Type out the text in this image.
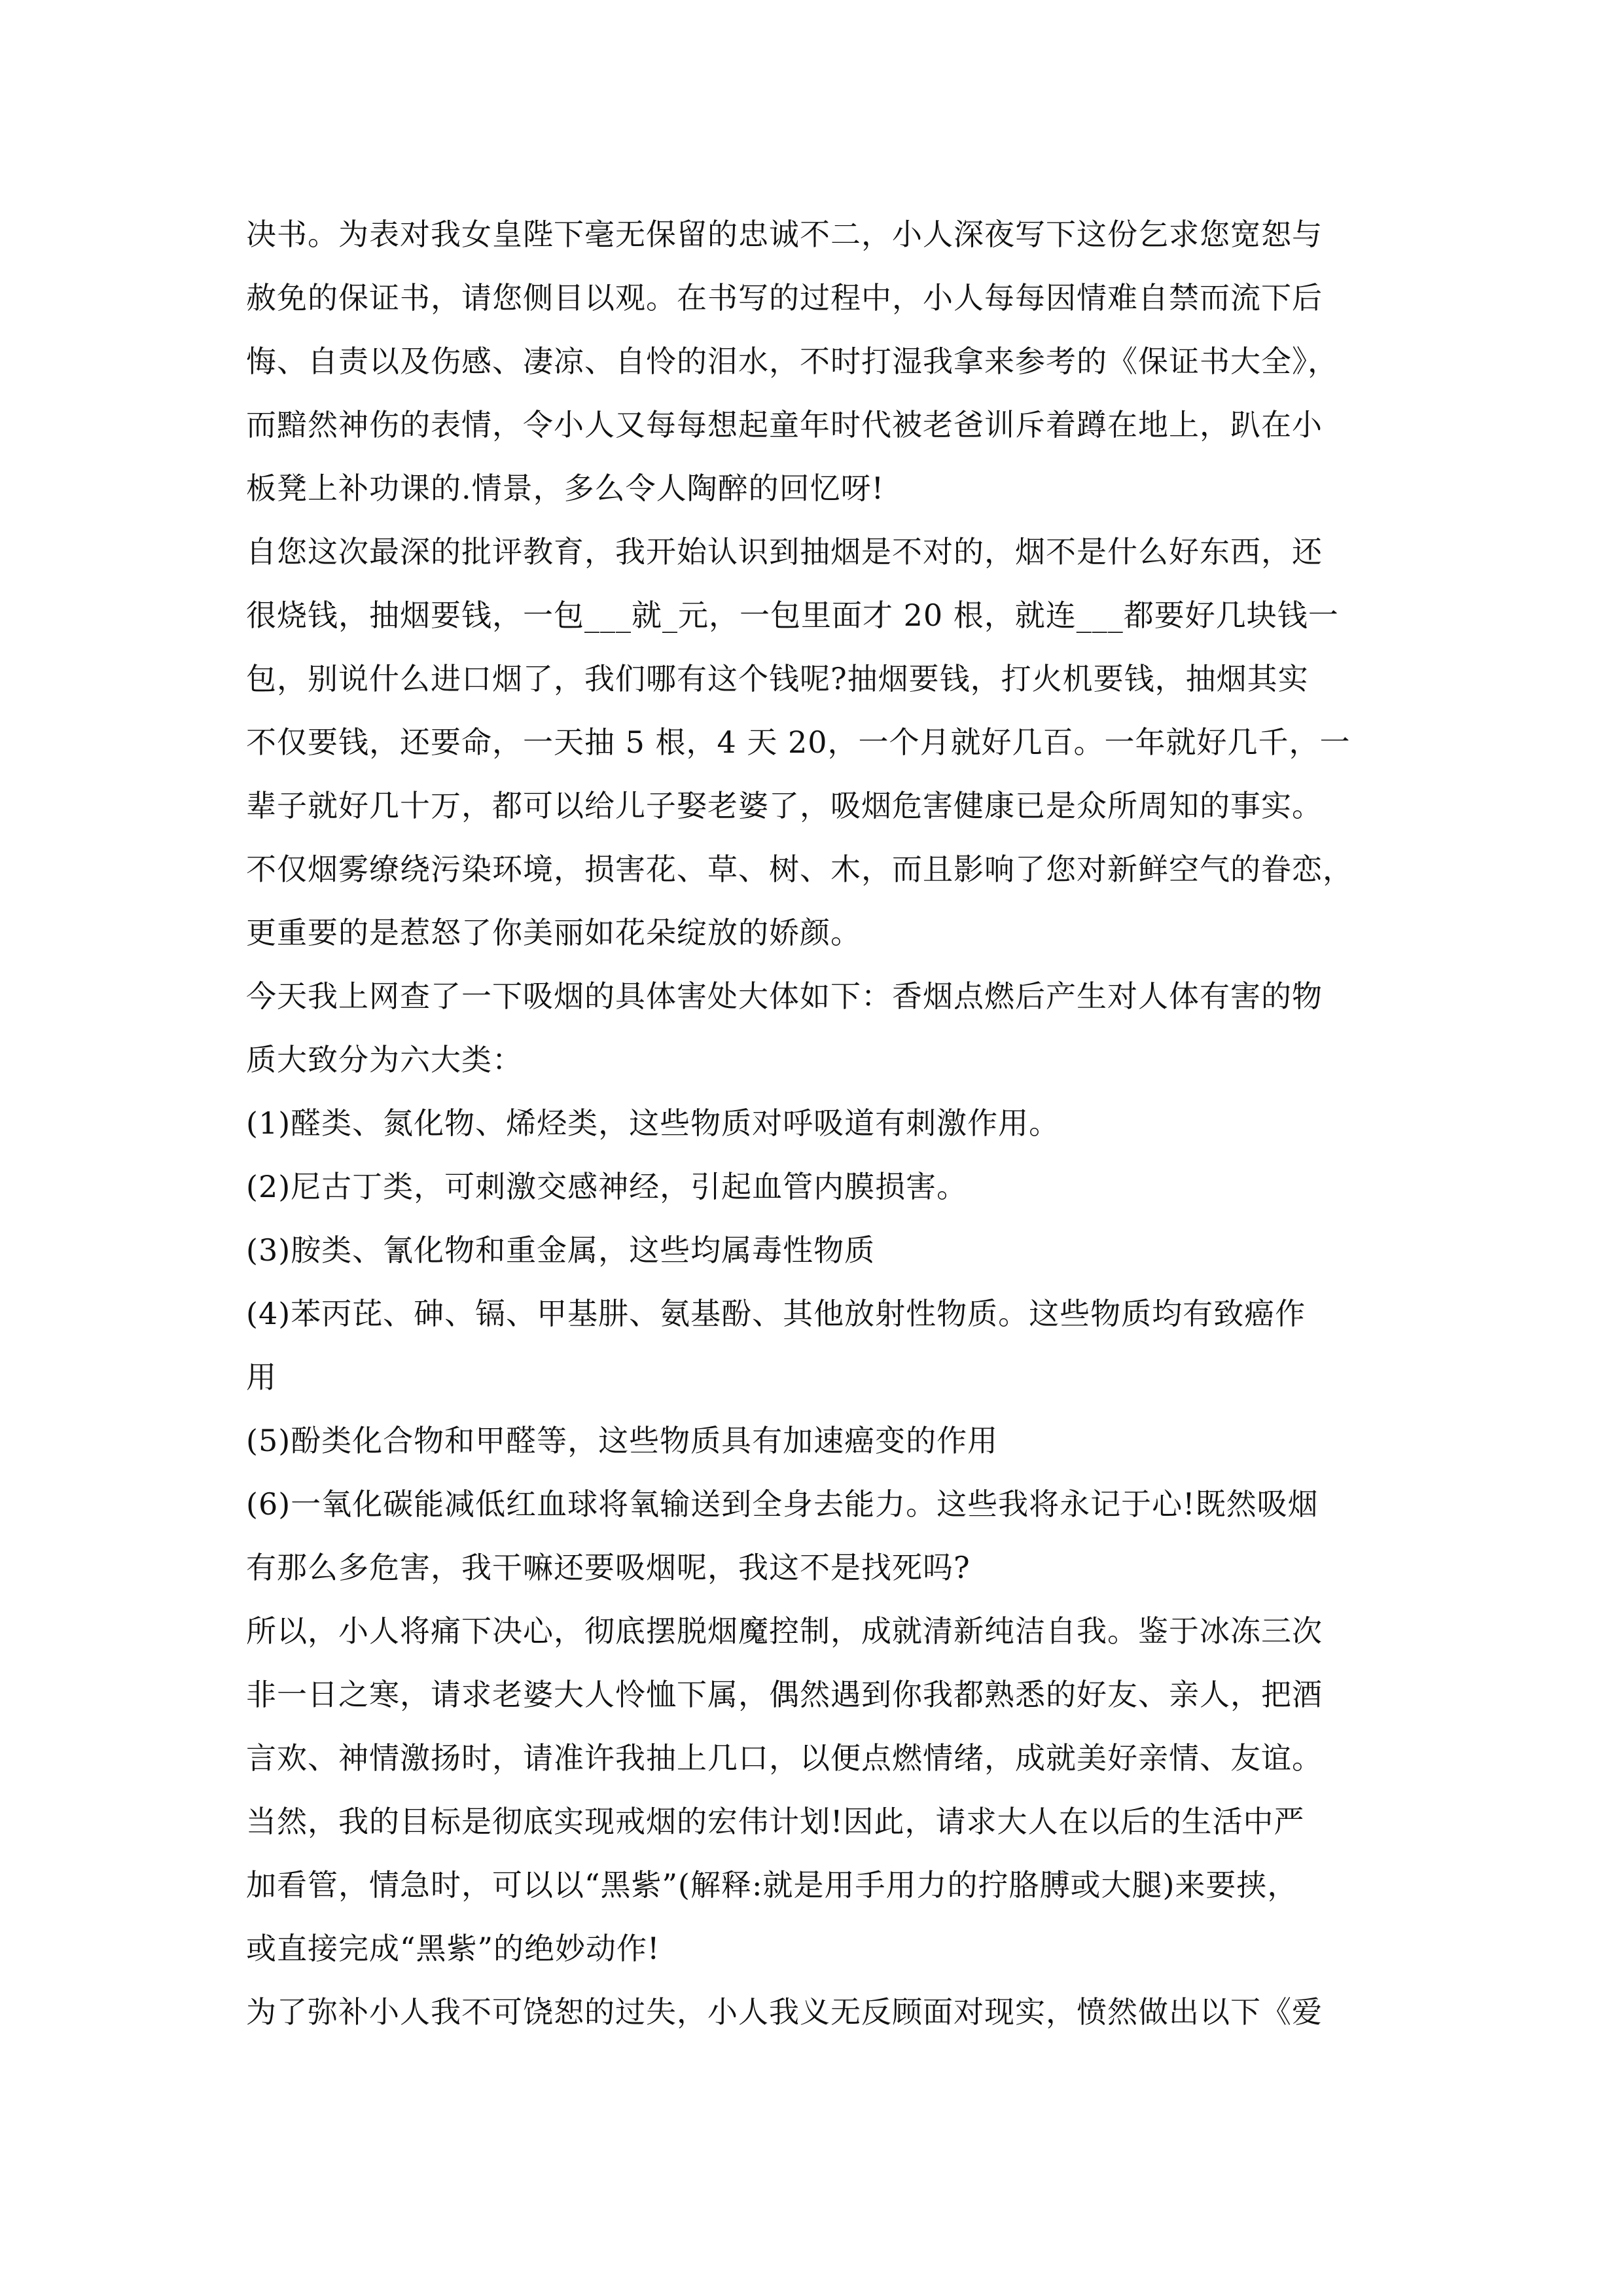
决书。为表对我女皇陛下毫无保留的忠诚不二，小人深夜写下这份乞求您宽恕与
赦免的保证书，请您侧目以观。在书写的过程中，小人每每因情难自禁而流下后
悔、自责以及伤感、凄凉、自怜的泪水，不时打湿我拿来参考的《保证书大全》，
而黯然神伤的表情，令小人又每每想起童年时代被老爸训斥着蹲在地上，趴在小
板凳上补功课的.情景，多么令人陶醉的回忆呀!
自您这次最深的批评教育，我开始认识到抽烟是不对的，烟不是什么好东西，还
很烧钱，抽烟要钱，一包___就_元，一包里面才 20 根，就连___都要好几块钱一
包，别说什么进口烟了，我们哪有这个钱呢?抽烟要钱，打火机要钱，抽烟其实
不仅要钱，还要命，一天抽 5 根，4 天 20，一个月就好几百。一年就好几千，一
辈子就好几十万，都可以给儿子娶老婆了，吸烟危害健康已是众所周知的事实。
不仅烟雾缭绕污染环境，损害花、草、树、木，而且影响了您对新鲜空气的眷恋，
更重要的是惹怒了你美丽如花朵绽放的娇颜。
今天我上网查了一下吸烟的具体害处大体如下：香烟点燃后产生对人体有害的物
质大致分为六大类：
(1)醛类、氮化物、烯烃类，这些物质对呼吸道有刺激作用。
(2)尼古丁类，可刺激交感神经，引起血管内膜损害。
(3)胺类、氰化物和重金属，这些均属毒性物质
(4)苯丙芘、砷、镉、甲基肼、氨基酚、其他放射性物质。这些物质均有致癌作
用
(5)酚类化合物和甲醛等，这些物质具有加速癌变的作用
(6)一氧化碳能减低红血球将氧输送到全身去能力。这些我将永记于心!既然吸烟
有那么多危害，我干嘛还要吸烟呢，我这不是找死吗?
所以，小人将痛下决心，彻底摆脱烟魔控制，成就清新纯洁自我。鉴于冰冻三次
非一日之寒，请求老婆大人怜恤下属，偶然遇到你我都熟悉的好友、亲人，把酒
言欢、神情激扬时，请准许我抽上几口，以便点燃情绪，成就美好亲情、友谊。
当然，我的目标是彻底实现戒烟的宏伟计划!因此，请求大人在以后的生活中严
加看管，情急时，可以以“黑紫”(解释:就是用手用力的拧胳膊或大腿)来要挟，
或直接完成“黑紫”的绝妙动作!
为了弥补小人我不可饶恕的过失，小人我义无反顾面对现实，愤然做出以下《爱
